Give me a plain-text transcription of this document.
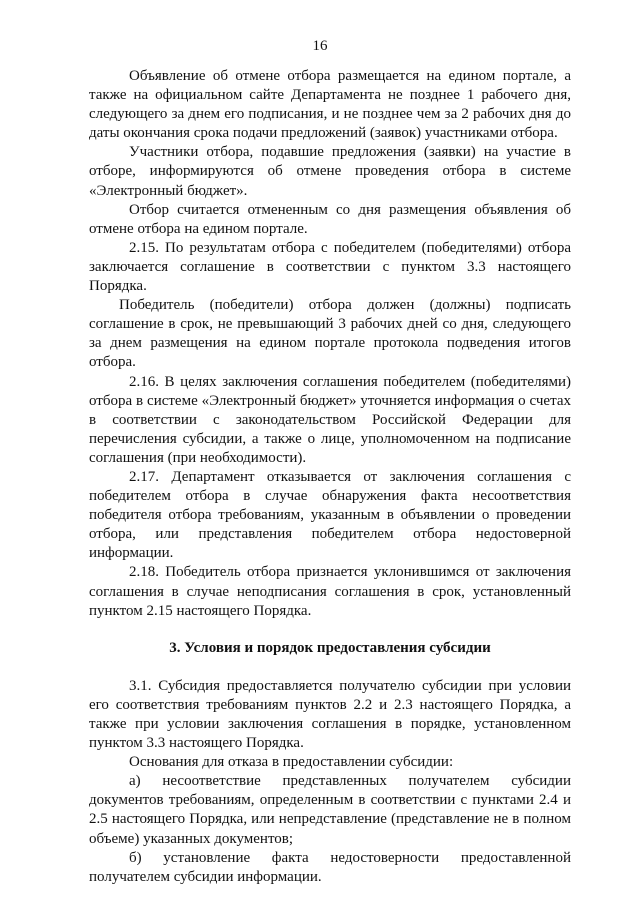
16

Объявление об отмене отбора размещается на едином портале, а также на официальном сайте Департамента не позднее 1 рабочего дня, следующего за днем его подписания, и не позднее чем за 2 рабочих дня до даты окончания срока подачи предложений (заявок) участниками отбора.

Участники отбора, подавшие предложения (заявки) на участие в отборе, информируются об отмене проведения отбора в системе «Электронный бюджет».

Отбор считается отмененным со дня размещения объявления об отмене отбора на едином портале.

2.15. По результатам отбора с победителем (победителями) отбора заключается соглашение в соответствии с пунктом 3.3 настоящего Порядка.

Победитель (победители) отбора должен (должны) подписать соглашение в срок, не превышающий 3 рабочих дней со дня, следующего за днем размещения на едином портале протокола подведения итогов отбора.

2.16. В целях заключения соглашения победителем (победителями) отбора в системе «Электронный бюджет» уточняется информация о счетах в соответствии с законодательством Российской Федерации для перечисления субсидии, а также о лице, уполномоченном на подписание соглашения (при необходимости).

2.17. Департамент отказывается от заключения соглашения с победителем отбора в случае обнаружения факта несоответствия победителя отбора требованиям, указанным в объявлении о проведении отбора, или представления победителем отбора недостоверной информации.

2.18. Победитель отбора признается уклонившимся от заключения соглашения в случае неподписания соглашения в срок, установленный пунктом 2.15 настоящего Порядка.

3. Условия и порядок предоставления субсидии

3.1. Субсидия предоставляется получателю субсидии при условии его соответствия требованиям пунктов 2.2 и 2.3 настоящего Порядка, а также при условии заключения соглашения в порядке, установленном пунктом 3.3 настоящего Порядка.

Основания для отказа в предоставлении субсидии:

а) несоответствие представленных получателем субсидии документов требованиям, определенным в соответствии с пунктами 2.4 и 2.5 настоящего Порядка, или непредставление (представление не в полном объеме) указанных документов;

б) установление факта недостоверности предоставленной получателем субсидии информации.
